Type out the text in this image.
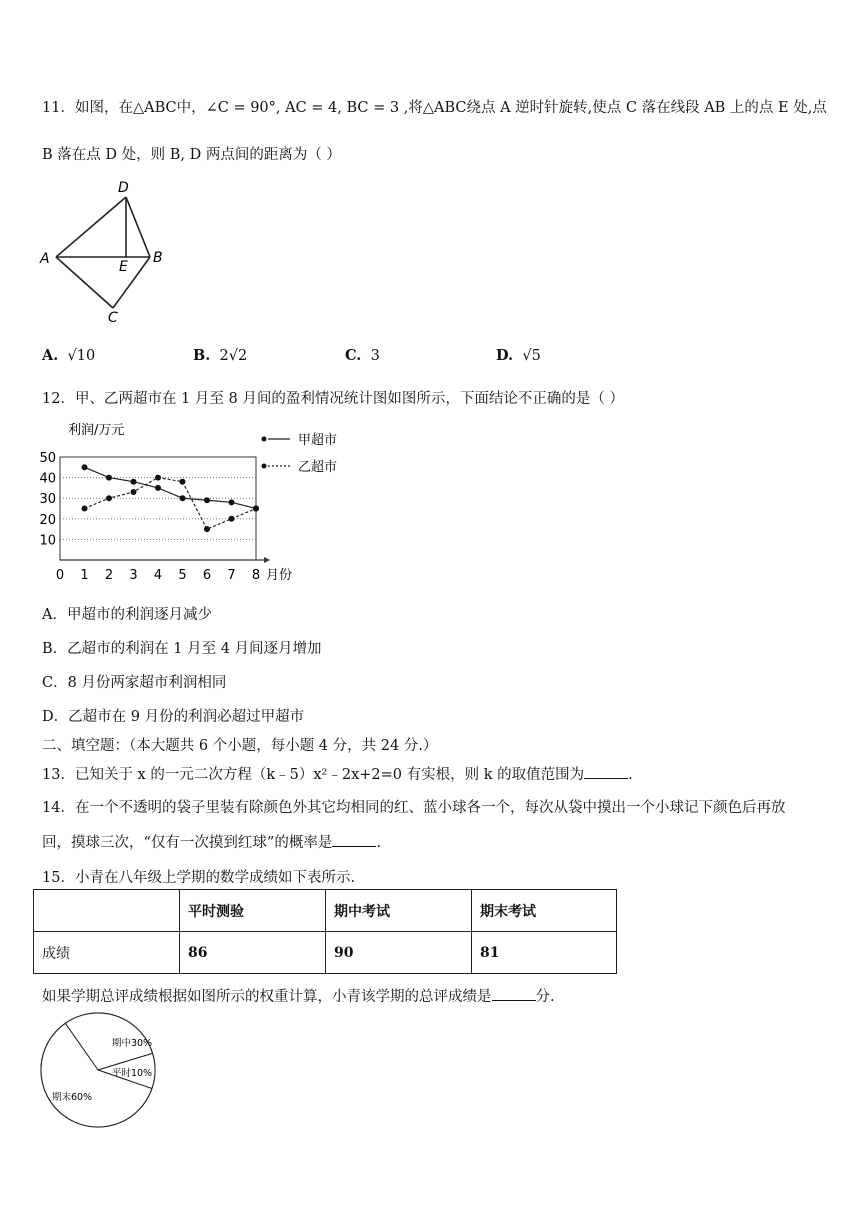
11．如图，在△ABC中，∠C = 90°, AC = 4, BC = 3 ,将△ABC绕点 A 逆时针旋转,使点 C 落在线段 AB 上的点 E 处,点
B 落在点 D 处，则 B, D 两点间的距离为（ ）
D
A	E
B
C
A. √10	B. 2√2	C. 3	D. √5
12．甲、乙两超市在 1 月至 8 月间的盈利情况统计图如图所示，下面结论不正确的是（ ）
10
20
30
40
50
0 1 2 3 4 5 6 7 8 月份
利润/万元
甲超市
乙超市
A．甲超市的利润逐月减少
B．乙超市的利润在 1 月至 4 月间逐月增加
C．8 月份两家超市利润相同
D．乙超市在 9 月份的利润必超过甲超市
二、填空题：（本大题共 6 个小题，每小题 4 分，共 24 分.）
13．已知关于 x 的一元二次方程（k﹣5）x²﹣2x+2=0 有实根，则 k 的取值范围为	.
14．在一个不透明的袋子里装有除颜色外其它均相同的红、蓝小球各一个，每次从袋中摸出一个小球记下颜色后再放
回，摸球三次，“仅有一次摸到红球”的概率是	.
15．小青在八年级上学期的数学成绩如下表所示.
	平时测验	期中考试	期末考试
成绩	86	90	81
如果学期总评成绩根据如图所示的权重计算，小青该学期的总评成绩是	分.
期中30%
平时10%
期末60%
